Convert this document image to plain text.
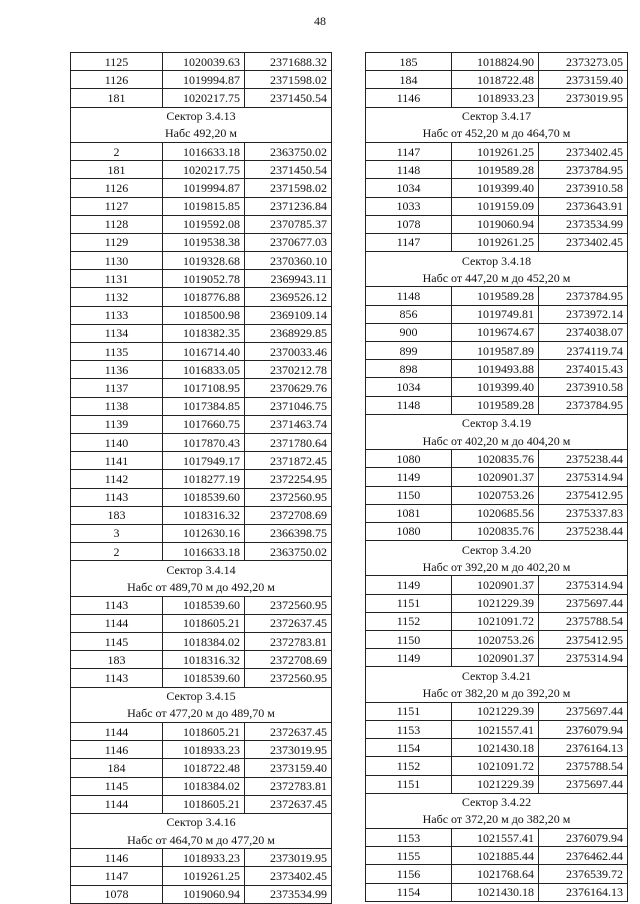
48
1125	1020039.63	2371688.32
1126	1019994.87	2371598.02
181	1020217.75	2371450.54
Сектор 3.4.13		
Набс 492,20 м		
2	1016633.18	2363750.02
181	1020217.75	2371450.54
1126	1019994.87	2371598.02
1127	1019815.85	2371236.84
1128	1019592.08	2370785.37
1129	1019538.38	2370677.03
1130	1019328.68	2370360.10
1131	1019052.78	2369943.11
1132	1018776.88	2369526.12
1133	1018500.98	2369109.14
1134	1018382.35	2368929.85
1135	1016714.40	2370033.46
1136	1016833.05	2370212.78
1137	1017108.95	2370629.76
1138	1017384.85	2371046.75
1139	1017660.75	2371463.74
1140	1017870.43	2371780.64
1141	1017949.17	2371872.45
1142	1018277.19	2372254.95
1143	1018539.60	2372560.95
183	1018316.32	2372708.69
3	1012630.16	2366398.75
2	1016633.18	2363750.02
Сектор 3.4.14		
Набс от 489,70 м до 492,20 м		
1143	1018539.60	2372560.95
1144	1018605.21	2372637.45
1145	1018384.02	2372783.81
183	1018316.32	2372708.69
1143	1018539.60	2372560.95
Сектор 3.4.15		
Набс от 477,20 м до 489,70 м		
1144	1018605.21	2372637.45
1146	1018933.23	2373019.95
184	1018722.48	2373159.40
1145	1018384.02	2372783.81
1144	1018605.21	2372637.45
Сектор 3.4.16		
Набс от 464,70 м до 477,20 м		
1146	1018933.23	2373019.95
1147	1019261.25	2373402.45
1078	1019060.94	2373534.99
185	1018824.90	2373273.05
184	1018722.48	2373159.40
1146	1018933.23	2373019.95
Сектор 3.4.17		
Набс от 452,20 м до 464,70 м		
1147	1019261.25	2373402.45
1148	1019589.28	2373784.95
1034	1019399.40	2373910.58
1033	1019159.09	2373643.91
1078	1019060.94	2373534.99
1147	1019261.25	2373402.45
Сектор 3.4.18		
Набс от 447,20 м до 452,20 м		
1148	1019589.28	2373784.95
856	1019749.81	2373972.14
900	1019674.67	2374038.07
899	1019587.89	2374119.74
898	1019493.88	2374015.43
1034	1019399.40	2373910.58
1148	1019589.28	2373784.95
Сектор 3.4.19		
Набс от 402,20 м до 404,20 м		
1080	1020835.76	2375238.44
1149	1020901.37	2375314.94
1150	1020753.26	2375412.95
1081	1020685.56	2375337.83
1080	1020835.76	2375238.44
Сектор 3.4.20		
Набс от 392,20 м до 402,20 м		
1149	1020901.37	2375314.94
1151	1021229.39	2375697.44
1152	1021091.72	2375788.54
1150	1020753.26	2375412.95
1149	1020901.37	2375314.94
Сектор 3.4.21		
Набс от 382,20 м до 392,20 м		
1151	1021229.39	2375697.44
1153	1021557.41	2376079.94
1154	1021430.18	2376164.13
1152	1021091.72	2375788.54
1151	1021229.39	2375697.44
Сектор 3.4.22		
Набс от 372,20 м до 382,20 м		
1153	1021557.41	2376079.94
1155	1021885.44	2376462.44
1156	1021768.64	2376539.72
1154	1021430.18	2376164.13
